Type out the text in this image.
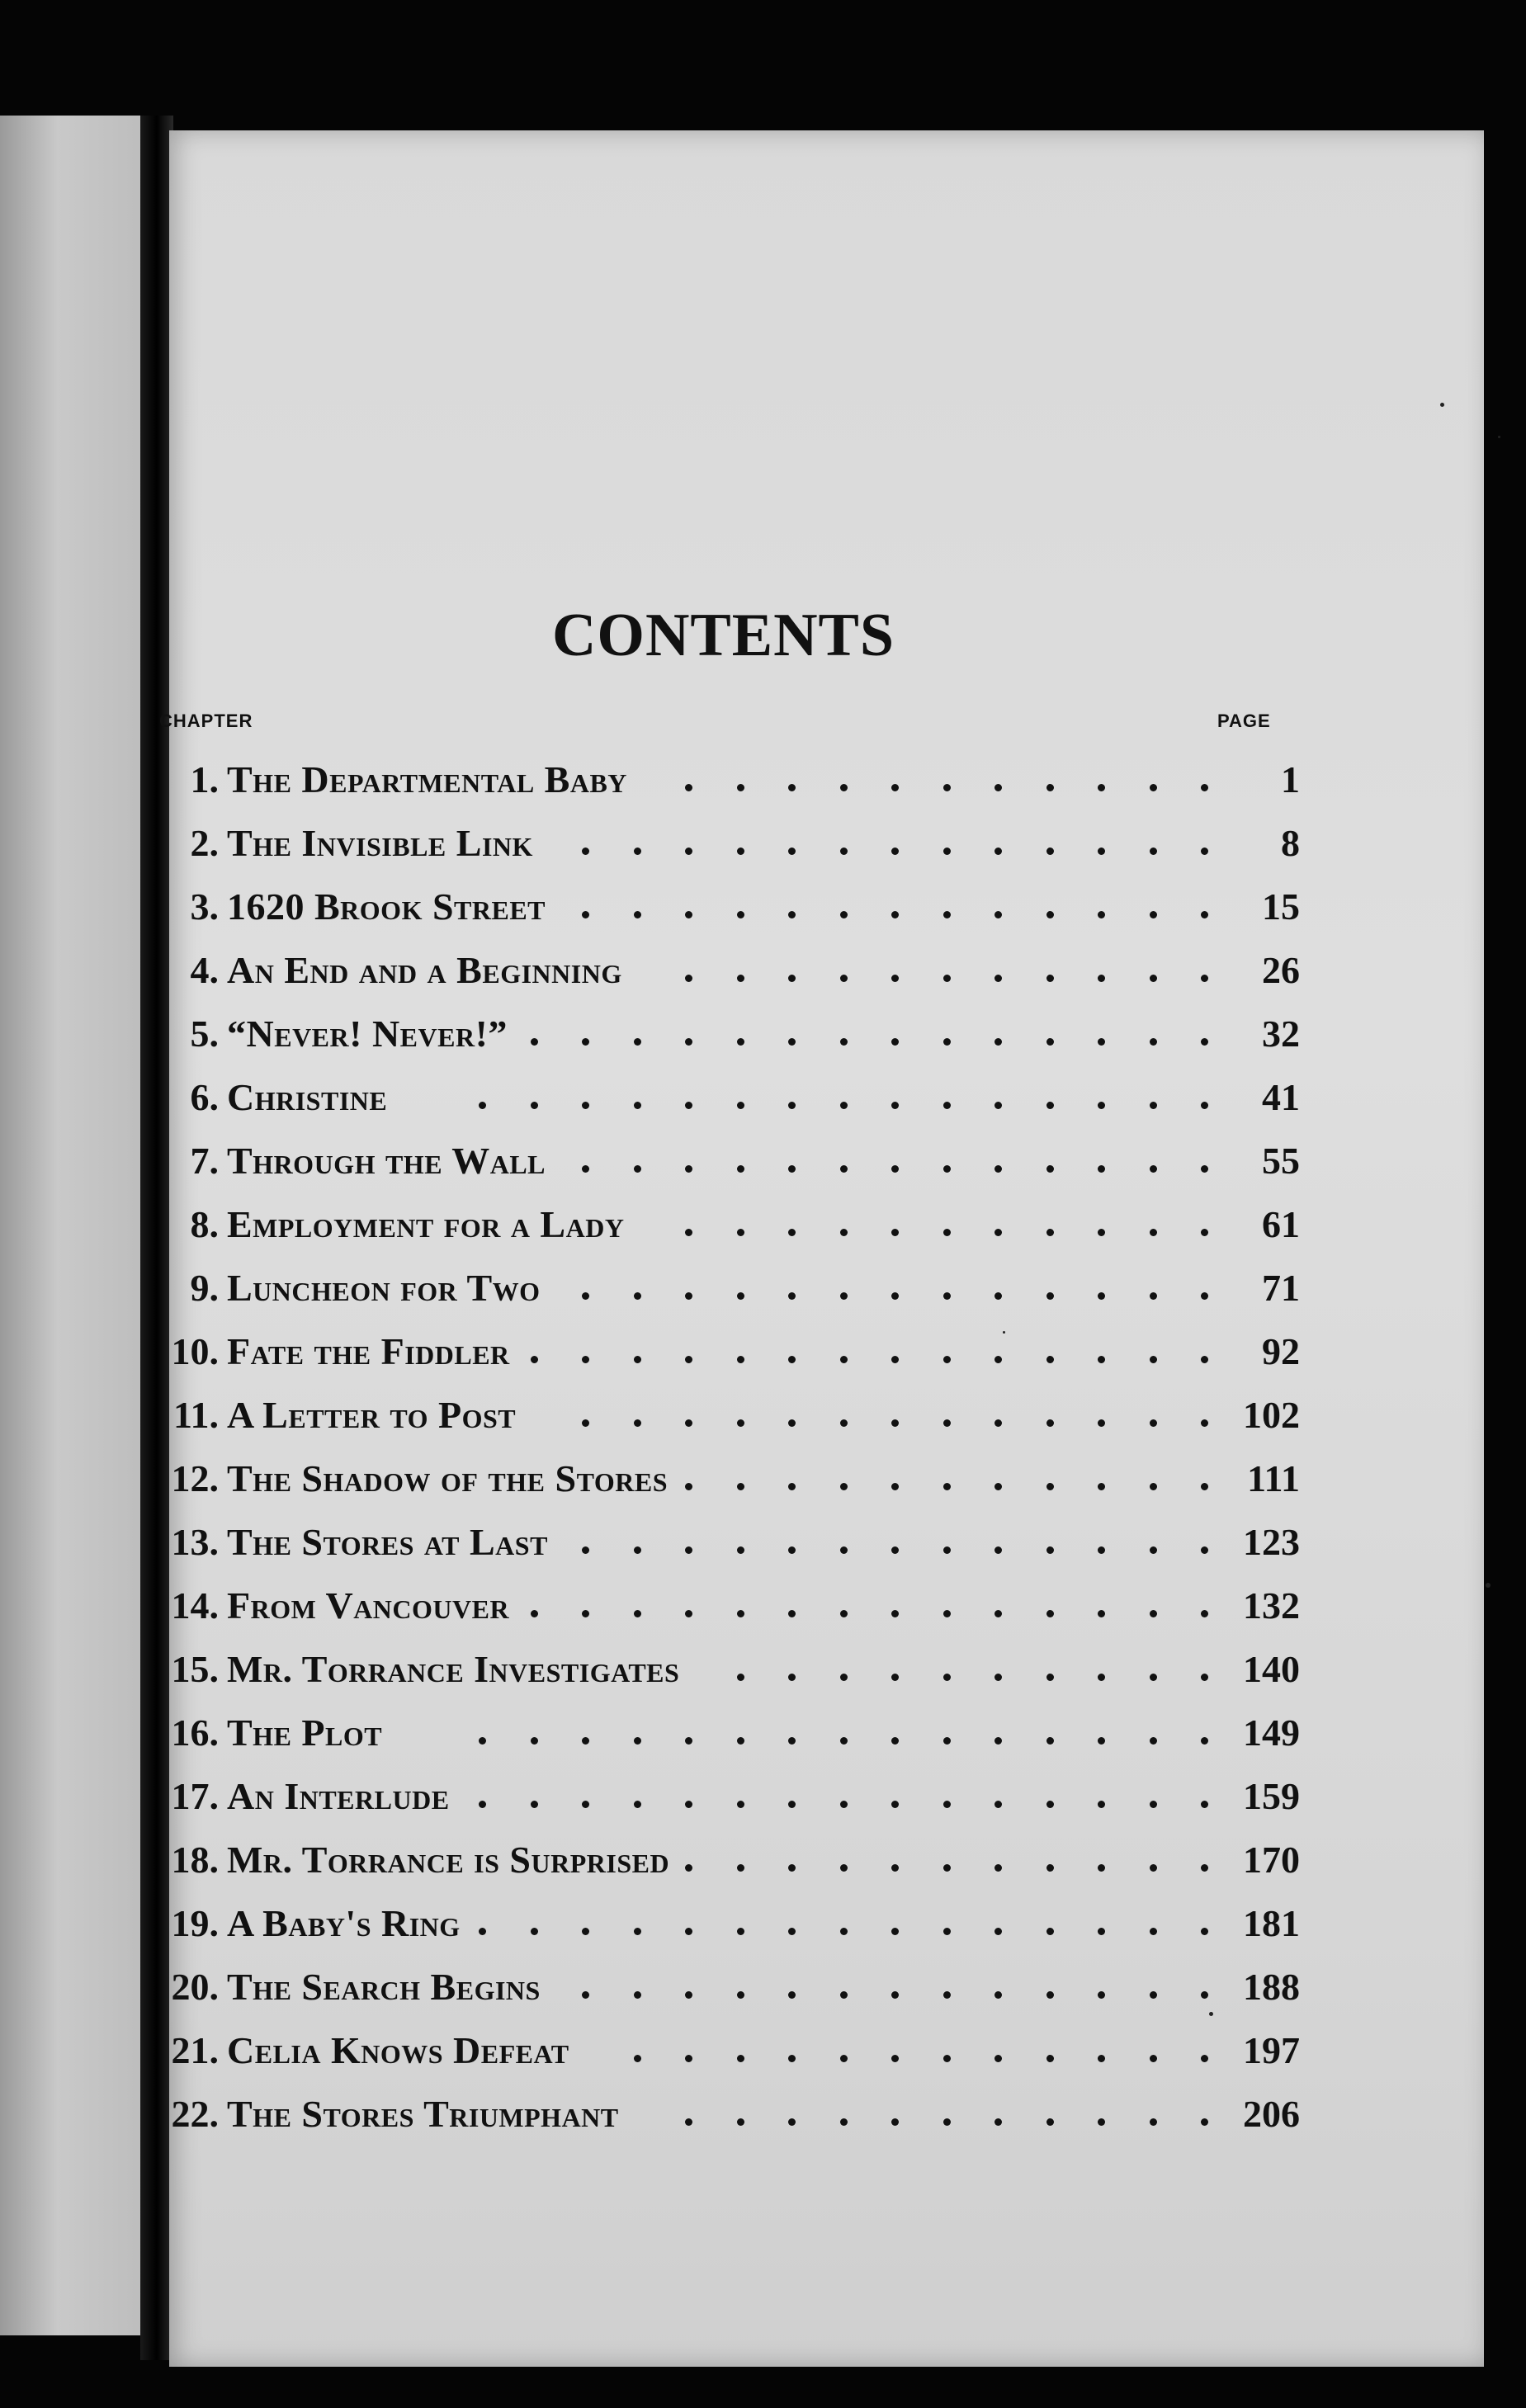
CONTENTS
CHAPTER	PAGE
1. The Departmental Baby	1
2. The Invisible Link	8
3. 1620 Brook Street	15
4. An End and a Beginning	26
5. “Never! Never!”	32
6. Christine	41
7. Through the Wall	55
8. Employment for a Lady	61
9. Luncheon for Two	71
10. Fate the Fiddler	92
11. A Letter to Post	102
12. The Shadow of the Stores	111
13. The Stores at Last	123
14. From Vancouver	132
15. Mr. Torrance Investigates	140
16. The Plot	149
17. An Interlude	159
18. Mr. Torrance is Surprised	170
19. A Baby's Ring	181
20. The Search Begins	188
21. Celia Knows Defeat	197
22. The Stores Triumphant	206
